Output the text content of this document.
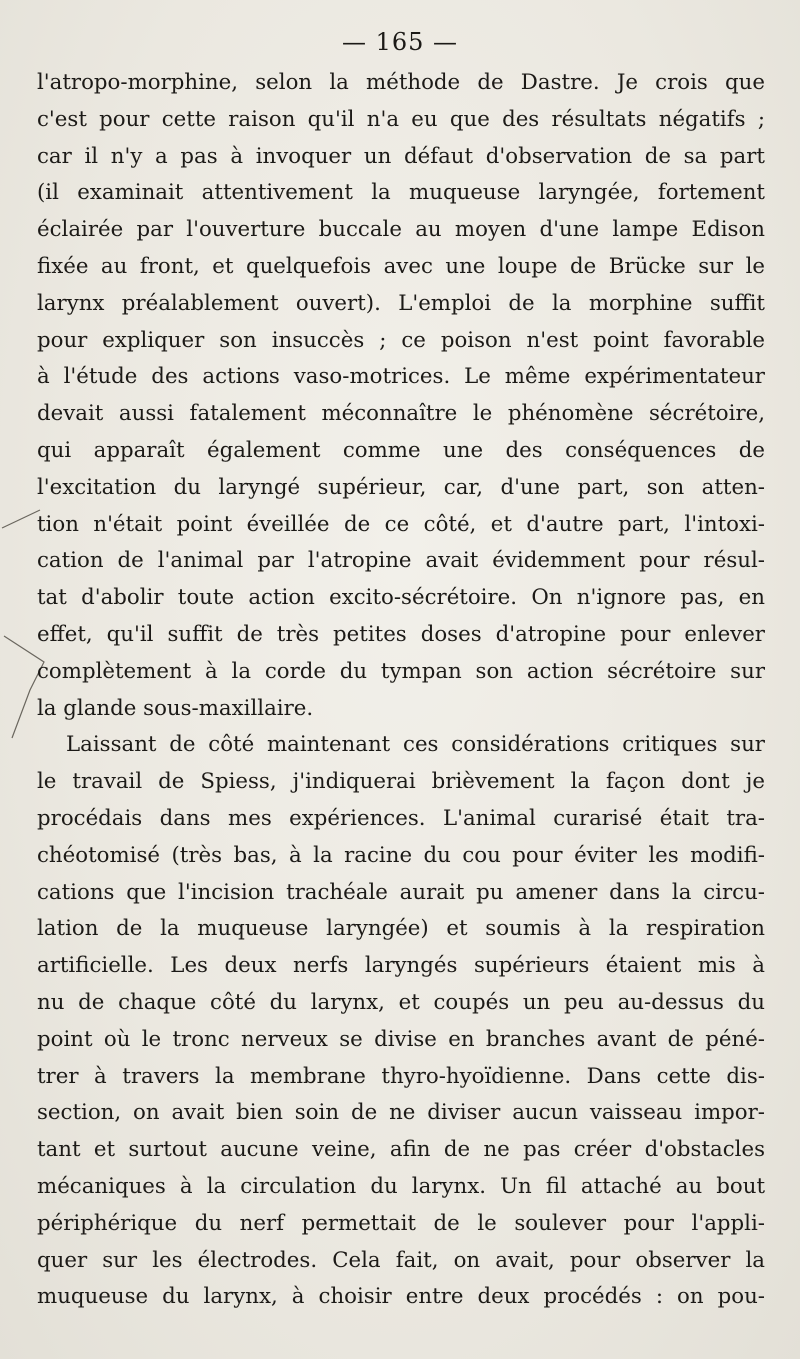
— 165 —
l'atropo-morphine, selon la méthode de Dastre. Je crois que
c'est pour cette raison qu'il n'a eu que des résultats négatifs ;
car il n'y a pas à invoquer un défaut d'observation de sa part
(il examinait attentivement la muqueuse laryngée, fortement
éclairée par l'ouverture buccale au moyen d'une lampe Edison
fixée au front, et quelquefois avec une loupe de Brücke sur le
larynx préalablement ouvert). L'emploi de la morphine suffit
pour expliquer son insuccès ; ce poison n'est point favorable
à l'étude des actions vaso-motrices. Le même expérimentateur
devait aussi fatalement méconnaître le phénomène sécrétoire,
qui apparaît également comme une des conséquences de
l'excitation du laryngé supérieur, car, d'une part, son atten-
tion n'était point éveillée de ce côté, et d'autre part, l'intoxi-
cation de l'animal par l'atropine avait évidemment pour résul-
tat d'abolir toute action excito-sécrétoire. On n'ignore pas, en
effet, qu'il suffit de très petites doses d'atropine pour enlever
complètement à la corde du tympan son action sécrétoire sur
la glande sous-maxillaire.
Laissant de côté maintenant ces considérations critiques sur
le travail de Spiess, j'indiquerai brièvement la façon dont je
procédais dans mes expériences. L'animal curarisé était tra-
chéotomisé (très bas, à la racine du cou pour éviter les modifi-
cations que l'incision trachéale aurait pu amener dans la circu-
lation de la muqueuse laryngée) et soumis à la respiration
artificielle. Les deux nerfs laryngés supérieurs étaient mis à
nu de chaque côté du larynx, et coupés un peu au-dessus du
point où le tronc nerveux se divise en branches avant de péné-
trer à travers la membrane thyro-hyoïdienne. Dans cette dis-
section, on avait bien soin de ne diviser aucun vaisseau impor-
tant et surtout aucune veine, afin de ne pas créer d'obstacles
mécaniques à la circulation du larynx. Un fil attaché au bout
périphérique du nerf permettait de le soulever pour l'appli-
quer sur les électrodes. Cela fait, on avait, pour observer la
muqueuse du larynx, à choisir entre deux procédés : on pou-
